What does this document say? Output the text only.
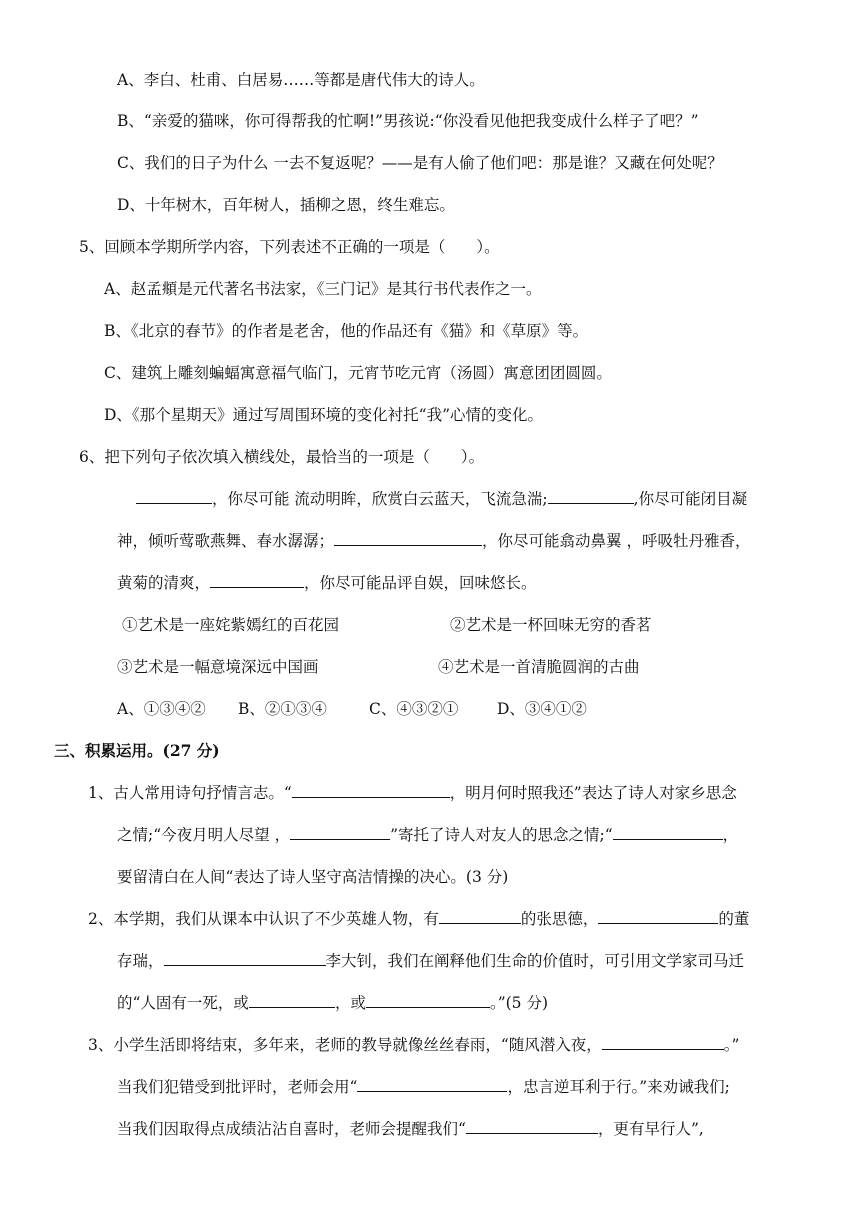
A、李白、杜甫、白居易……等都是唐代伟大的诗人。
B、“亲爱的猫咪，你可得帮我的忙啊!”男孩说:“你没看见他把我变成什么样子了吧？”
C、我们的日子为什么 一去不复返呢？——是有人偷了他们吧：那是谁？又藏在何处呢？
D、十年树木，百年树人，插柳之恩，终生难忘。
5、回顾本学期所学内容，下列表述不正确的一项是（　　）。
A、赵孟頫是元代著名书法家，《三门记》是其行书代表作之一。
B、《北京的春节》的作者是老舍，他的作品还有《猫》和《草原》等。
C、建筑上雕刻蝙蝠寓意福气临门，元宵节吃元宵（汤圆）寓意团团圆圆。
D、《那个星期天》通过写周围环境的变化衬托“我”心情的变化。
6、把下列句子依次填入横线处，最恰当的一项是（　　）。
，你尽可能 流动明眸，欣赏白云蓝天，飞流急湍;	,你尽可能闭目凝
神，倾听莺歌燕舞、春水潺潺；	，你尽可能翕动鼻翼 ，呼吸牡丹雅香，
黄菊的清爽，	，你尽可能品评自娱，回味悠长。
①艺术是一座姹紫嫣红的百花园	②艺术是一杯回味无穷的香茗
③艺术是一幅意境深远中国画	④艺术是一首清脆圆润的古曲
A、①③④② B、②①③④	C、④③②① D、③④①②
三、积累运用。(27 分)
1、古人常用诗句抒情言志。“	，明月何时照我还”表达了诗人对家乡思念
之情;“今夜月明人尽望 ，	”寄托了诗人对友人的思念之情;“	，
要留清白在人间“表达了诗人坚守高洁情操的决心。(3 分)
2、本学期，我们从课本中认识了不少英雄人物，有	的张思德，	的董
存瑞，	李大钊，我们在阐释他们生命的价值时，可引用文学家司马迁
的“人固有一死，或	，或	。”(5 分)
3、小学生活即将结束，多年来，老师的教导就像丝丝春雨，“随风潜入夜，	。”
当我们犯错受到批评时，老师会用“	，忠言逆耳利于行。”来劝诫我们;
当我们因取得点成绩沾沾自喜时，老师会提醒我们“	，更有早行人”,
